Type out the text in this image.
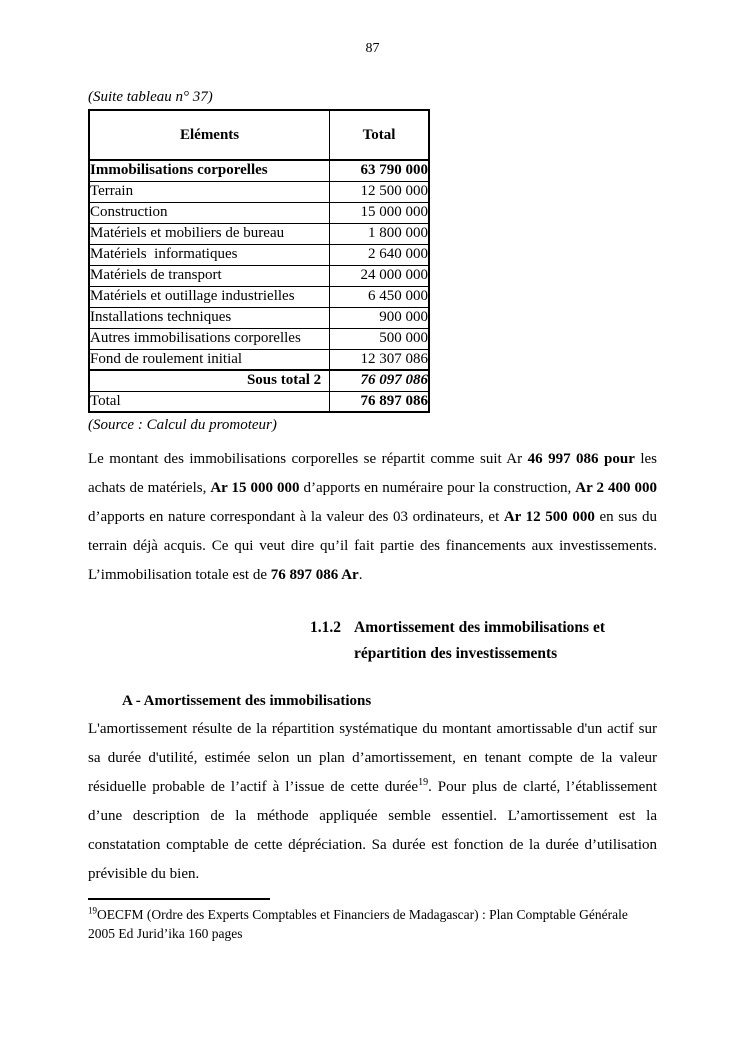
87
(Suite tableau n° 37)
Eléments	Total
Immobilisations corporelles	63 790 000
Terrain	12 500 000
Construction	15 000 000
Matériels et mobiliers de bureau	1 800 000
Matériels  informatiques	2 640 000
Matériels de transport	24 000 000
Matériels et outillage industrielles	6 450 000
Installations techniques	900 000
Autres immobilisations corporelles	500 000
Fond de roulement initial	12 307 086
Sous total 2	76 097 086
Total	76 897 086
(Source : Calcul du promoteur)

Le montant des immobilisations corporelles se répartit comme suit Ar 46 997 086 pour les achats de matériels, Ar 15 000 000 d’apports en numéraire pour la construction, Ar 2 400 000 d’apports en nature correspondant à la valeur des 03 ordinateurs, et Ar 12 500 000 en sus du terrain déjà acquis. Ce qui veut dire qu’il fait partie des financements aux investissements. L’immobilisation totale est de 76 897 086 Ar.

1.1.2 Amortissement des immobilisations et
répartition des investissements
A - Amortissement des immobilisations

L'amortissement résulte de la répartition systématique du montant amortissable d'un actif sur sa durée d'utilité, estimée selon un plan d’amortissement, en tenant compte de la valeur résiduelle probable de l’actif à l’issue de cette durée$^{19}$. Pour plus de clarté, l’établissement d’une description de la méthode appliquée semble essentiel. L’amortissement est la constatation comptable de cette dépréciation. Sa durée est fonction de la durée d’utilisation prévisible du bien.

$^{19}$OECFM (Ordre des Experts Comptables et Financiers de Madagascar) : Plan Comptable Générale 2005 Ed Jurid’ika 160 pages
